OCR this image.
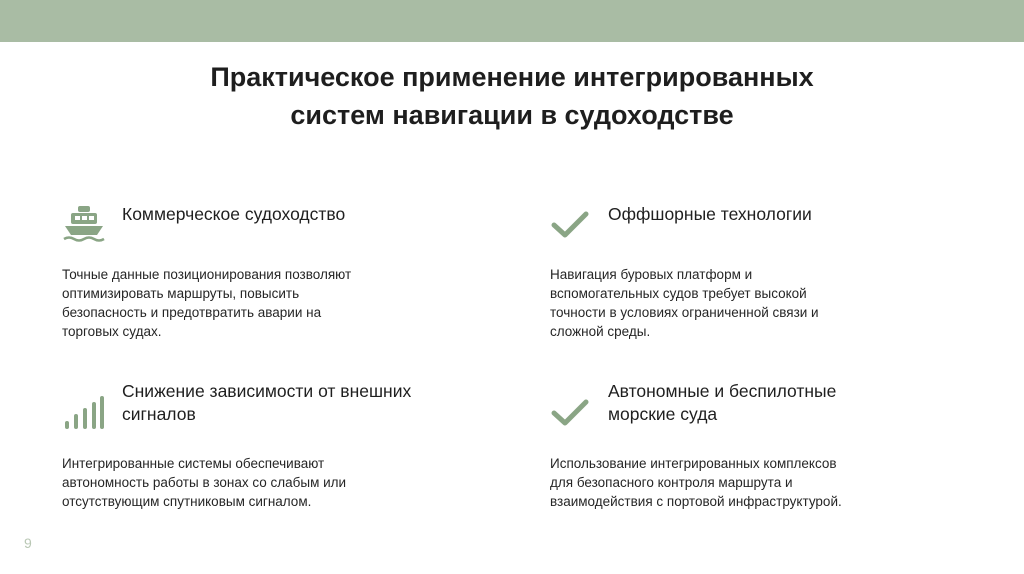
Практическое применение интегрированных
систем навигации в судоходстве
Коммерческое судоходство
Точные данные позиционирования позволяют
оптимизировать маршруты, повысить
безопасность и предотвратить аварии на
торговых судах.
Оффшорные технологии
Навигация буровых платформ и
вспомогательных судов требует высокой
точности в условиях ограниченной связи и
сложной среды.
Снижение зависимости от внешних
сигналов
Интегрированные системы обеспечивают
автономность работы в зонах со слабым или
отсутствующим спутниковым сигналом.
Автономные и беспилотные
морские суда
Использование интегрированных комплексов
для безопасного контроля маршрута и
взаимодействия с портовой инфраструктурой.
9
